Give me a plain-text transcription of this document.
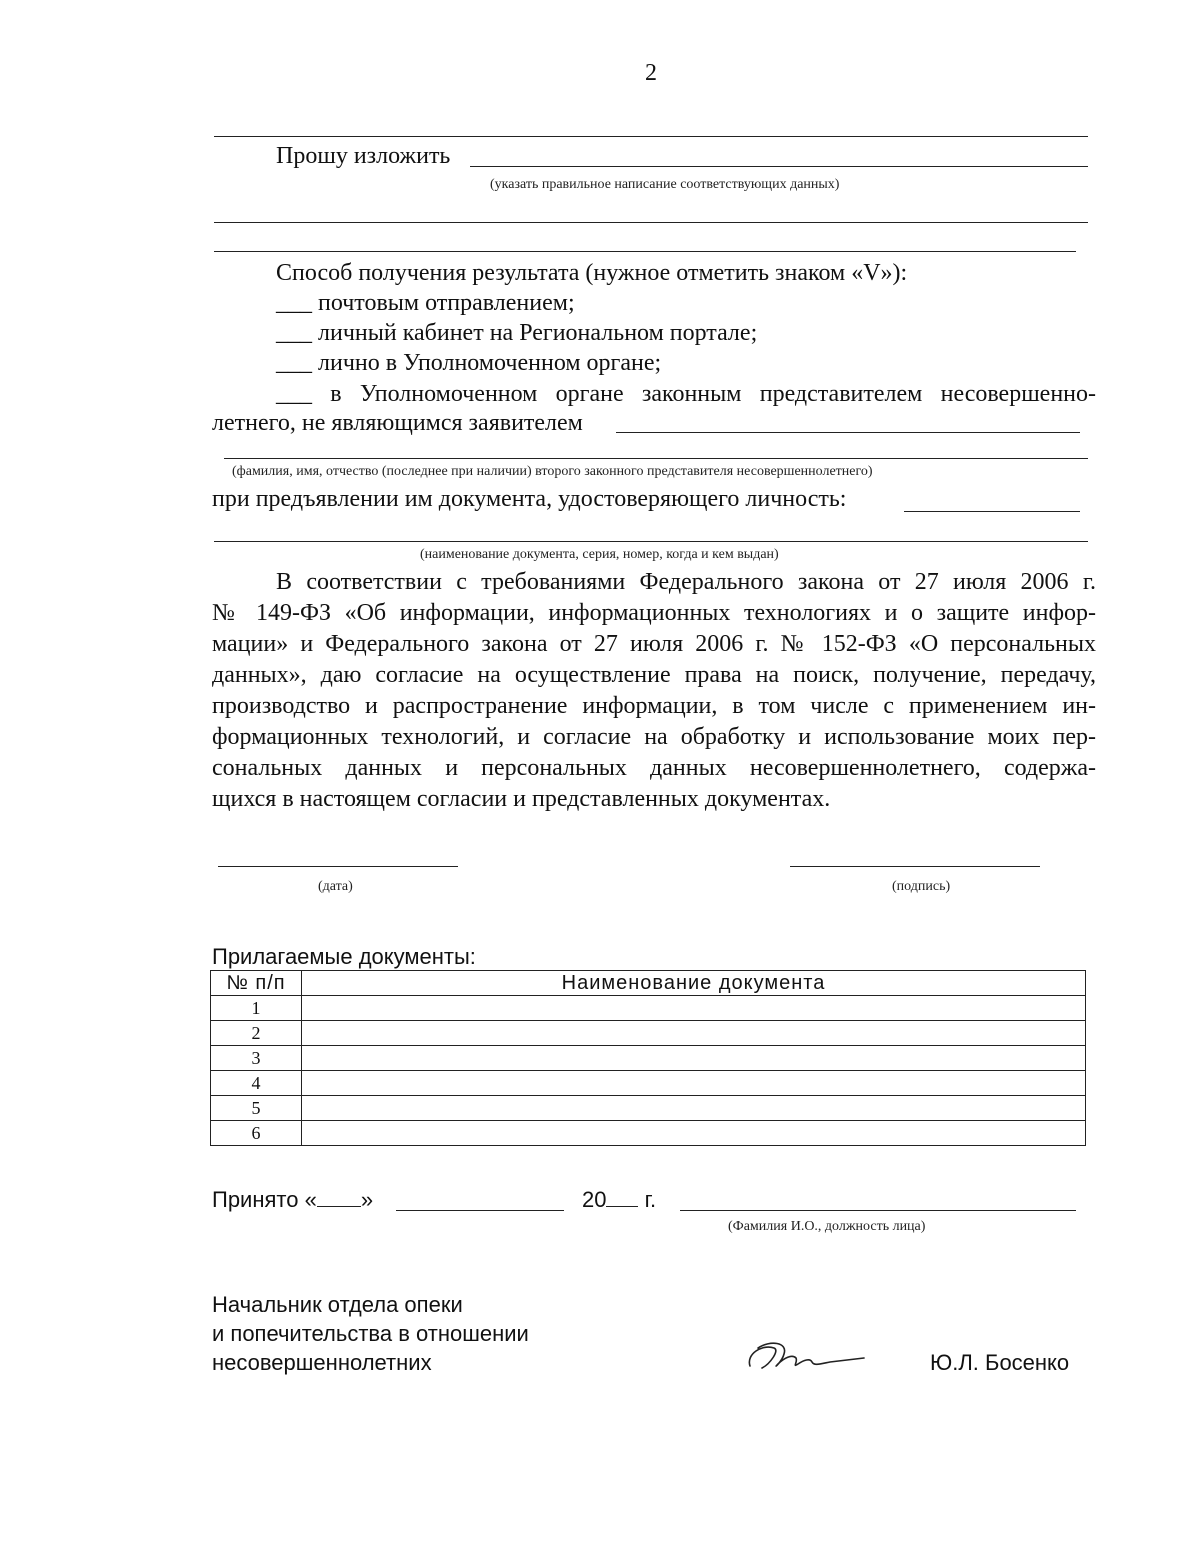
2
Прошу изложить
(указать правильное написание соответствующих данных)
Способ получения результата (нужное отметить знаком «V»):
___ почтовым отправлением;
___ личный кабинет на Региональном портале;
___ лично в Уполномоченном органе;
___ в Уполномоченном органе законным представителем несовершенно-
летнего, не являющимся заявителем
(фамилия, имя, отчество (последнее при наличии) второго законного представителя несовершеннолетнего)
при предъявлении им документа, удостоверяющего личность:
(наименование документа, серия, номер, когда и кем выдан)
В соответствии с требованиями Федерального закона от 27 июля 2006 г.
№ 149-ФЗ «Об информации, информационных технологиях и о защите инфор-
мации» и Федерального закона от 27 июля 2006 г. № 152-ФЗ «О персональных
данных», даю согласие на осуществление права на поиск, получение, передачу,
производство и распространение информации, в том числе с применением ин-
формационных технологий, и согласие на обработку и использование моих пер-
сональных данных и персональных данных несовершеннолетнего, содержа-
щихся в настоящем согласии и представленных документах.
(дата)	(подпись)
Прилагаемые документы:
№ п/п	Наименование документа
1	
2	
3	
4	
5	
6	
Принято « »	20 г.
(Фамилия И.О., должность лица)
Начальник отдела опеки
и попечительства в отношении
несовершеннолетних	Ю.Л. Босенко
